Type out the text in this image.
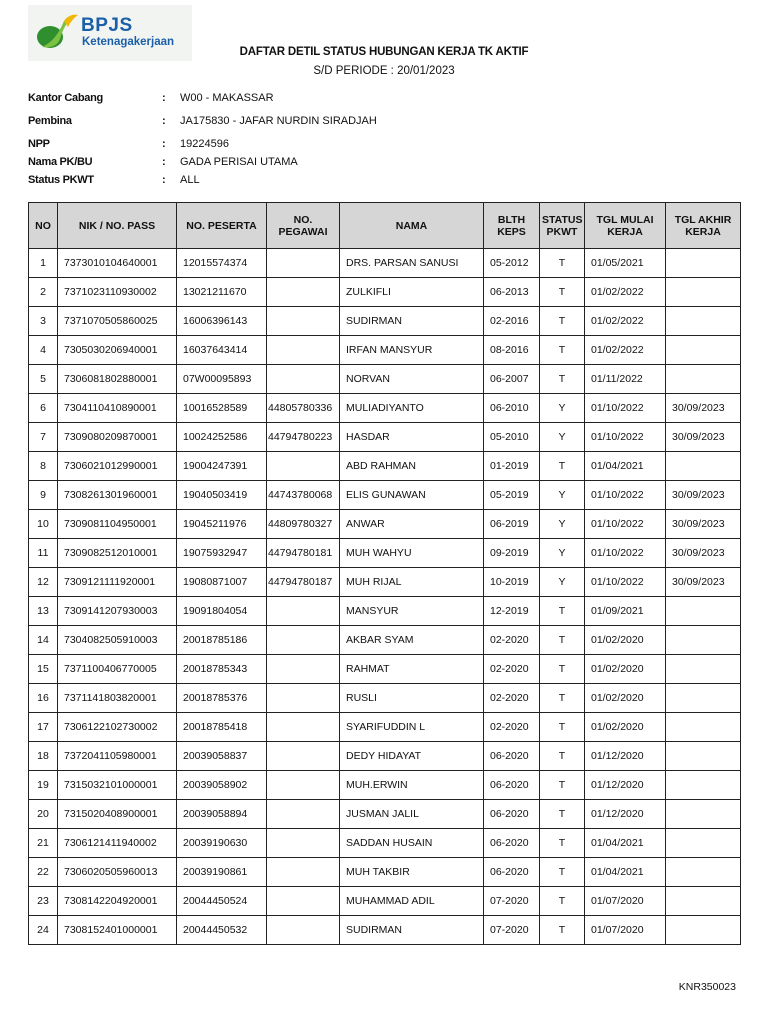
BPJS
Ketenagakerjaan
DAFTAR DETIL STATUS HUBUNGAN KERJA TK AKTIF
S/D PERIODE : 20/01/2023
Kantor Cabang	: W00 - MAKASSAR
Pembina	: JA175830 - JAFAR NURDIN SIRADJAH
NPP	: 19224596
Nama PK/BU	: GADA PERISAI UTAMA
Status PKWT	: ALL
NO	NIK / NO. PASS	NO. PESERTA	NO. PEGAWAI	NAMA	BLTH KEPS	STATUS PKWT	TGL MULAI KERJA	TGL AKHIR KERJA
1	7373010104640001	12015574374		DRS. PARSAN SANUSI	05-2012	T	01/05/2021	
2	7371023110930002	13021211670		ZULKIFLI	06-2013	T	01/02/2022	
3	7371070505860025	16006396143		SUDIRMAN	02-2016	T	01/02/2022	
4	7305030206940001	16037643414		IRFAN MANSYUR	08-2016	T	01/02/2022	
5	7306081802880001	07W00095893		NORVAN	06-2007	T	01/11/2022	
6	7304110410890001	10016528589	44805780336	MULIADIYANTO	06-2010	Y	01/10/2022	30/09/2023
7	7309080209870001	10024252586	44794780223	HASDAR	05-2010	Y	01/10/2022	30/09/2023
8	7306021012990001	19004247391		ABD RAHMAN	01-2019	T	01/04/2021	
9	7308261301960001	19040503419	44743780068	ELIS GUNAWAN	05-2019	Y	01/10/2022	30/09/2023
10	7309081104950001	19045211976	44809780327	ANWAR	06-2019	Y	01/10/2022	30/09/2023
11	7309082512010001	19075932947	44794780181	MUH WAHYU	09-2019	Y	01/10/2022	30/09/2023
12	7309121111920001	19080871007	44794780187	MUH RIJAL	10-2019	Y	01/10/2022	30/09/2023
13	7309141207930003	19091804054		MANSYUR	12-2019	T	01/09/2021	
14	7304082505910003	20018785186		AKBAR SYAM	02-2020	T	01/02/2020	
15	7371100406770005	20018785343		RAHMAT	02-2020	T	01/02/2020	
16	7371141803820001	20018785376		RUSLI	02-2020	T	01/02/2020	
17	7306122102730002	20018785418		SYARIFUDDIN L	02-2020	T	01/02/2020	
18	7372041105980001	20039058837		DEDY HIDAYAT	06-2020	T	01/12/2020	
19	7315032101000001	20039058902		MUH.ERWIN	06-2020	T	01/12/2020	
20	7315020408900001	20039058894		JUSMAN JALIL	06-2020	T	01/12/2020	
21	7306121411940002	20039190630		SADDAN HUSAIN	06-2020	T	01/04/2021	
22	7306020505960013	20039190861		MUH TAKBIR	06-2020	T	01/04/2021	
23	7308142204920001	20044450524		MUHAMMAD ADIL	07-2020	T	01/07/2020	
24	7308152401000001	20044450532		SUDIRMAN	07-2020	T	01/07/2020	
KNR350023
